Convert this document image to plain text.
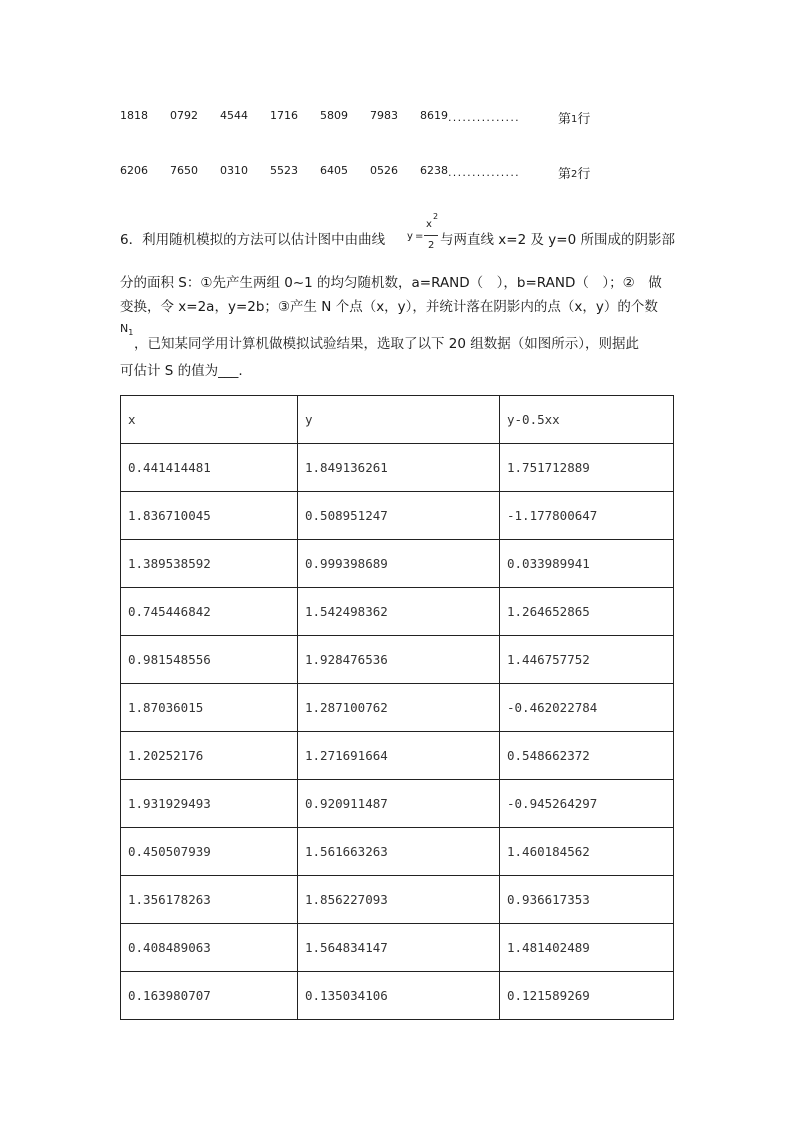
1818 0792 4544 1716 5809 7983 8619 ...............	第$^1$行
6206 7650 0310 5523 6405 0526 6238 ...............	第$^2$行
6．利用随机模拟的方法可以估计图中由曲线 y =
x
2
2 与两直线 x=2 及 y=0 所围成的阴影部
分的面积 S：①先产生两组 0~1 的均匀随机数，a=RAND（　），b=RAND（　）；②　做
变换，令 x=2a，y=2b；③产生 N 个点（x，y），并统计落在阴影内的点（x，y）的个数
$N_1$
，已知某同学用计算机做模拟试验结果，选取了以下 20 组数据（如图所示），则据此
可估计 S 的值为___.
x	y	y-0.5xx
0.441414481	1.849136261	1.751712889
1.836710045	0.508951247	-1.177800647
1.389538592	0.999398689	0.033989941
0.745446842	1.542498362	1.264652865
0.981548556	1.928476536	1.446757752
1.87036015	1.287100762	-0.462022784
1.20252176	1.271691664	0.548662372
1.931929493	0.920911487	-0.945264297
0.450507939	1.561663263	1.460184562
1.356178263	1.856227093	0.936617353
0.408489063	1.564834147	1.481402489
0.163980707	0.135034106	0.121589269
